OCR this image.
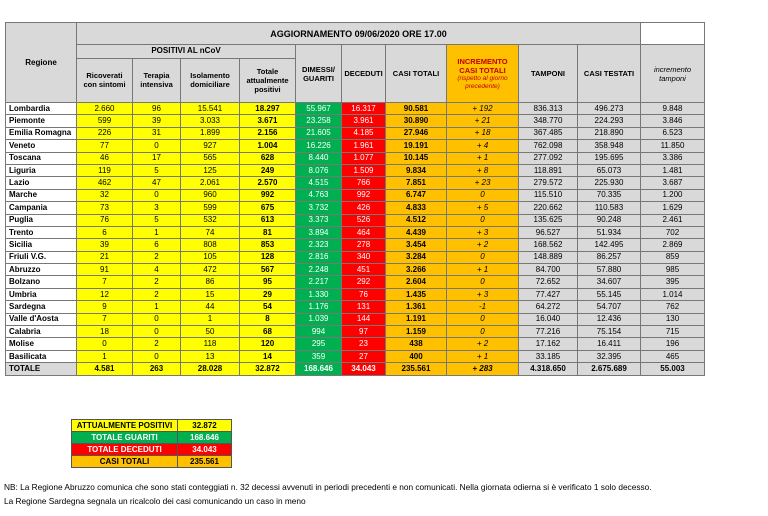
Regione	AGGIORNAMENTO 09/06/2020 ORE 17.00										
	POSITIVI AL nCoV				DIMESSI/ GUARITI	DECEDUTI	CASI TOTALI	INCREMENTO CASI TOTALI
(rispetto al giorno precedente)	TAMPONI	CASI TESTATI	incremento tamponi
	Ricoverati con sintomi	Terapia intensiva	Isolamento domiciliare	Totale attualmente positivi							
Lombardia	2.660	96	15.541	18.297	55.967	16.317	90.581	+ 192	836.313	496.273	9.848
Piemonte	599	39	3.033	3.671	23.258	3.961	30.890	+ 21	348.770	224.293	3.846
Emilia Romagna	226	31	1.899	2.156	21.605	4.185	27.946	+ 18	367.485	218.890	6.523
Veneto	77	0	927	1.004	16.226	1.961	19.191	+ 4	762.098	358.948	11.850
Toscana	46	17	565	628	8.440	1.077	10.145	+ 1	277.092	195.695	3.386
Liguria	119	5	125	249	8.076	1.509	9.834	+ 8	118.891	65.073	1.481
Lazio	462	47	2.061	2.570	4.515	766	7.851	+ 23	279.572	225.930	3.687
Marche	32	0	960	992	4.763	992	6.747	0	115.510	70.335	1.200
Campania	73	3	599	675	3.732	426	4.833	+ 5	220.662	110.583	1.629
Puglia	76	5	532	613	3.373	526	4.512	0	135.625	90.248	2.461
Trento	6	1	74	81	3.894	464	4.439	+ 3	96.527	51.934	702
Sicilia	39	6	808	853	2.323	278	3.454	+ 2	168.562	142.495	2.869
Friuli V.G.	21	2	105	128	2.816	340	3.284	0	148.889	86.257	859
Abruzzo	91	4	472	567	2.248	451	3.266	+ 1	84.700	57.880	985
Bolzano	7	2	86	95	2.217	292	2.604	0	72.652	34.607	395
Umbria	12	2	15	29	1.330	76	1.435	+ 3	77.427	55.145	1.014
Sardegna	9	1	44	54	1.176	131	1.361	-1	64.272	54.707	762
Valle d'Aosta	7	0	1	8	1.039	144	1.191	0	16.040	12.436	130
Calabria	18	0	50	68	994	97	1.159	0	77.216	75.154	715
Molise	0	2	118	120	295	23	438	+ 2	17.162	16.411	196
Basilicata	1	0	13	14	359	27	400	+ 1	33.185	32.395	465
TOTALE	4.581	263	28.028	32.872	168.646	34.043	235.561	+ 283	4.318.650	2.675.689	55.003
ATTUALMENTE POSITIVI	32.872
TOTALE GUARITI	168.646
TOTALE DECEDUTI	34.043
CASI TOTALI	235.561
NB: La Regione Abruzzo comunica che sono stati conteggiati n. 32 decessi avvenuti in periodi precedenti e non comunicati. Nella giornata odierna si è verificato 1 solo decesso.
La Regione Sardegna segnala un ricalcolo dei casi comunicando un caso in meno
